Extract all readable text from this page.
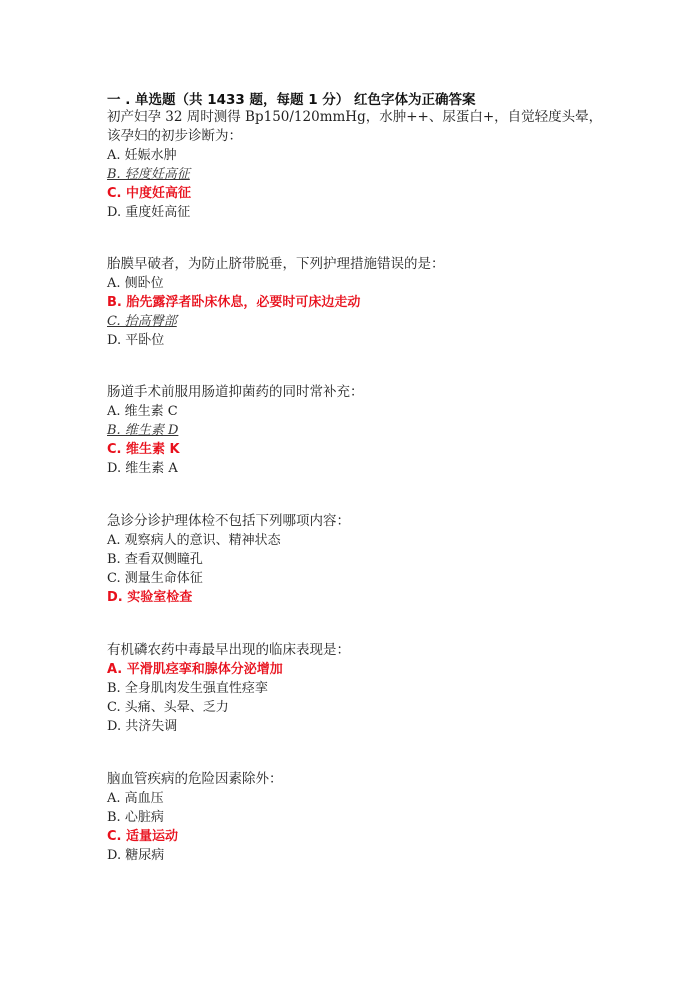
一 . 单选题（共 1433 题，每题 1 分） 红色字体为正确答案
初产妇孕 32 周时测得 Bp150/120mmHg，水肿++、尿蛋白+，自觉轻度头晕，该孕妇的初步诊断为：
A. 妊娠水肿
B. 轻度妊高征
C. 中度妊高征
D. 重度妊高征
胎膜早破者，为防止脐带脱垂，下列护理措施错误的是：
A. 侧卧位
B. 胎先露浮者卧床休息，必要时可床边走动
C. 抬高臀部
D. 平卧位
肠道手术前服用肠道抑菌药的同时常补充：
A. 维生素 C
B. 维生素 D
C. 维生素 K
D. 维生素 A
急诊分诊护理体检不包括下列哪项内容：
A. 观察病人的意识、精神状态
B. 查看双侧瞳孔
C. 测量生命体征
D. 实验室检查
有机磷农药中毒最早出现的临床表现是：
A. 平滑肌痉挛和腺体分泌增加
B. 全身肌肉发生强直性痉挛
C. 头痛、头晕、乏力
D. 共济失调
脑血管疾病的危险因素除外：
A. 高血压
B. 心脏病
C. 适量运动
D. 糖尿病
